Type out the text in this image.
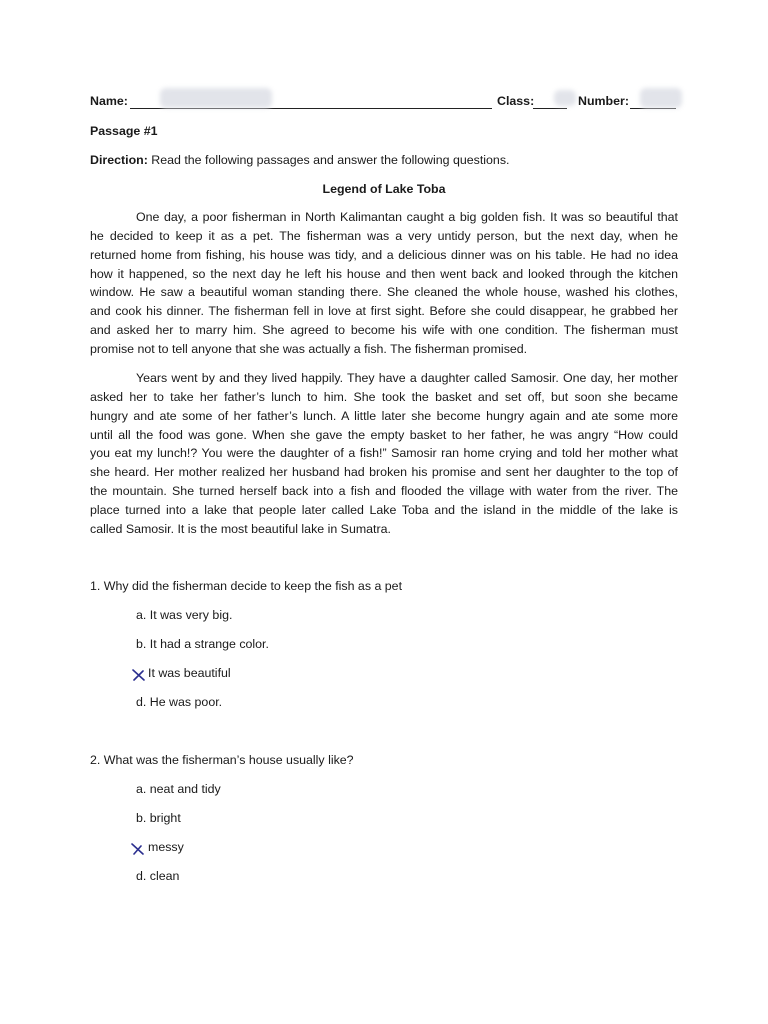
Name:	Class:	Number:
Passage #1
Direction: Read the following passages and answer the following questions.
Legend of Lake Toba
One day, a poor fisherman in North Kalimantan caught a big golden fish. It was so beautiful that
he decided to keep it as a pet. The fisherman was a very untidy person, but the next day, when he
returned home from fishing, his house was tidy, and a delicious dinner was on his table. He had no idea
how it happened, so the next day he left his house and then went back and looked through the kitchen
window. He saw a beautiful woman standing there. She cleaned the whole house, washed his clothes,
and cook his dinner. The fisherman fell in love at first sight. Before she could disappear, he grabbed her
and asked her to marry him. She agreed to become his wife with one condition. The fisherman must
promise not to tell anyone that she was actually a fish. The fisherman promised.
Years went by and they lived happily. They have a daughter called Samosir. One day, her mother
asked her to take her father’s lunch to him. She took the basket and set off, but soon she became
hungry and ate some of her father’s lunch. A little later she become hungry again and ate some more
until all the food was gone. When she gave the empty basket to her father, he was angry “How could
you eat my lunch!? You were the daughter of a fish!” Samosir ran home crying and told her mother what
she heard. Her mother realized her husband had broken his promise and sent her daughter to the top of
the mountain. She turned herself back into a fish and flooded the village with water from the river. The
place turned into a lake that people later called Lake Toba and the island in the middle of the lake is
called Samosir. It is the most beautiful lake in Sumatra.
1. Why did the fisherman decide to keep the fish as a pet
a. It was very big.
b. It had a strange color.
It was beautiful
d. He was poor.
2. What was the fisherman’s house usually like?
a. neat and tidy
b. bright
messy
d. clean
